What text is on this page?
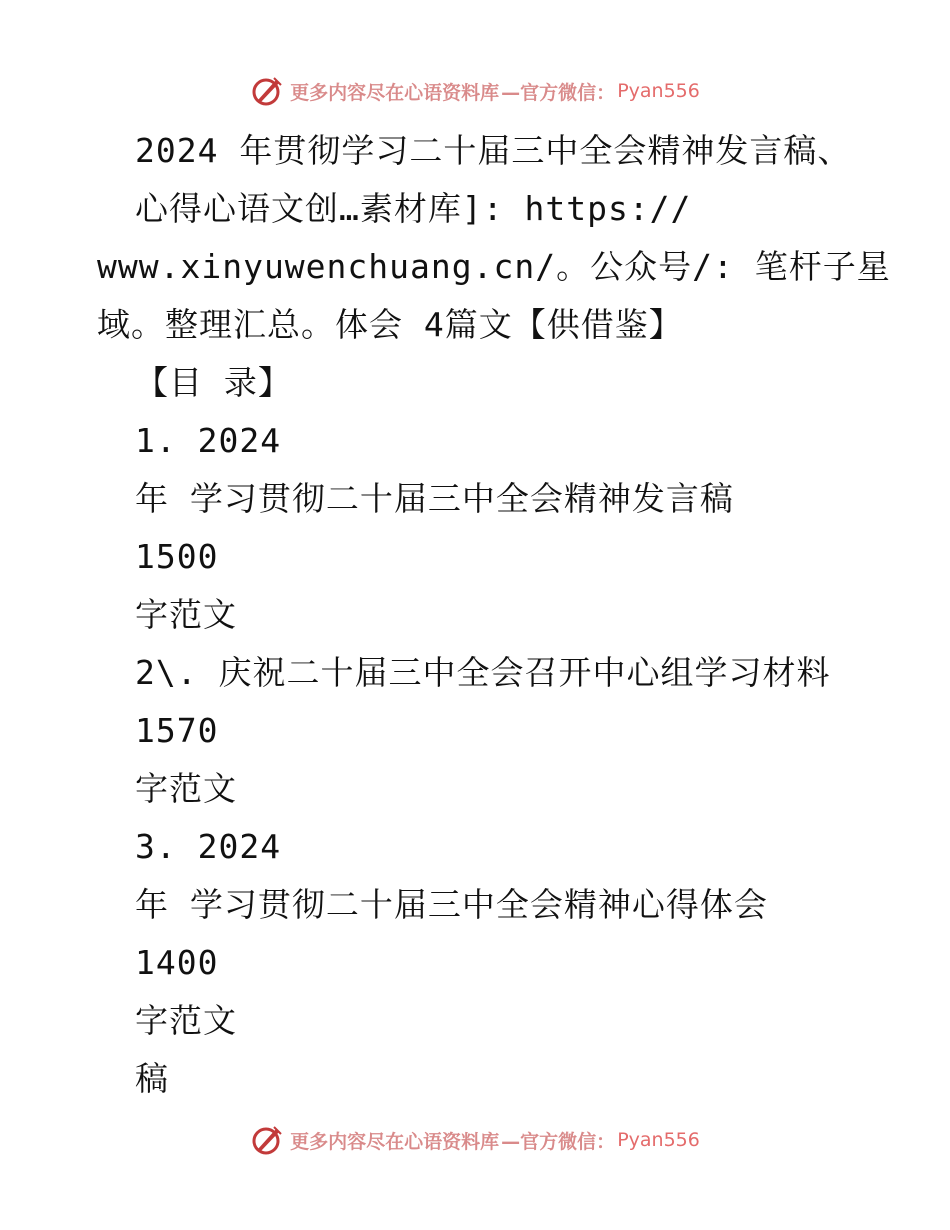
更多内容尽在心语资料库 —官方微信： Pyan556
2024 年贯彻学习二十届三中全会精神发言稿、
心得心语文创…素材库]: https://
www.xinyuwenchuang.cn/。公众号/: 笔杆子星
域。整理汇总。体会 4篇文【供借鉴】
【目 录】
1. 2024
年 学习贯彻二十届三中全会精神发言稿
1500
字范文
2\. 庆祝二十届三中全会召开中心组学习材料
1570
字范文
3. 2024
年 学习贯彻二十届三中全会精神心得体会
1400
字范文
稿
更多内容尽在心语资料库 —官方微信： Pyan556
